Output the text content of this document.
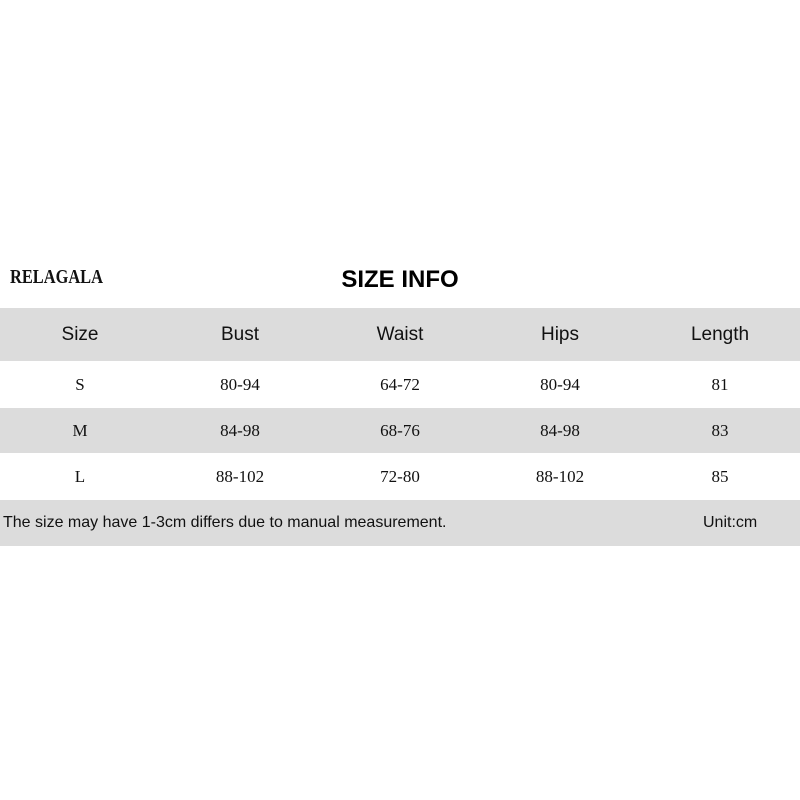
RELAGALA	SIZE INFO
Size	Bust	Waist	Hips	Length
S	80-94	64-72	80-94	81
M	84-98	68-76	84-98	83
L	88-102	72-80	88-102	85
The size may have 1-3cm differs due to manual measurement.	Unit:cm
